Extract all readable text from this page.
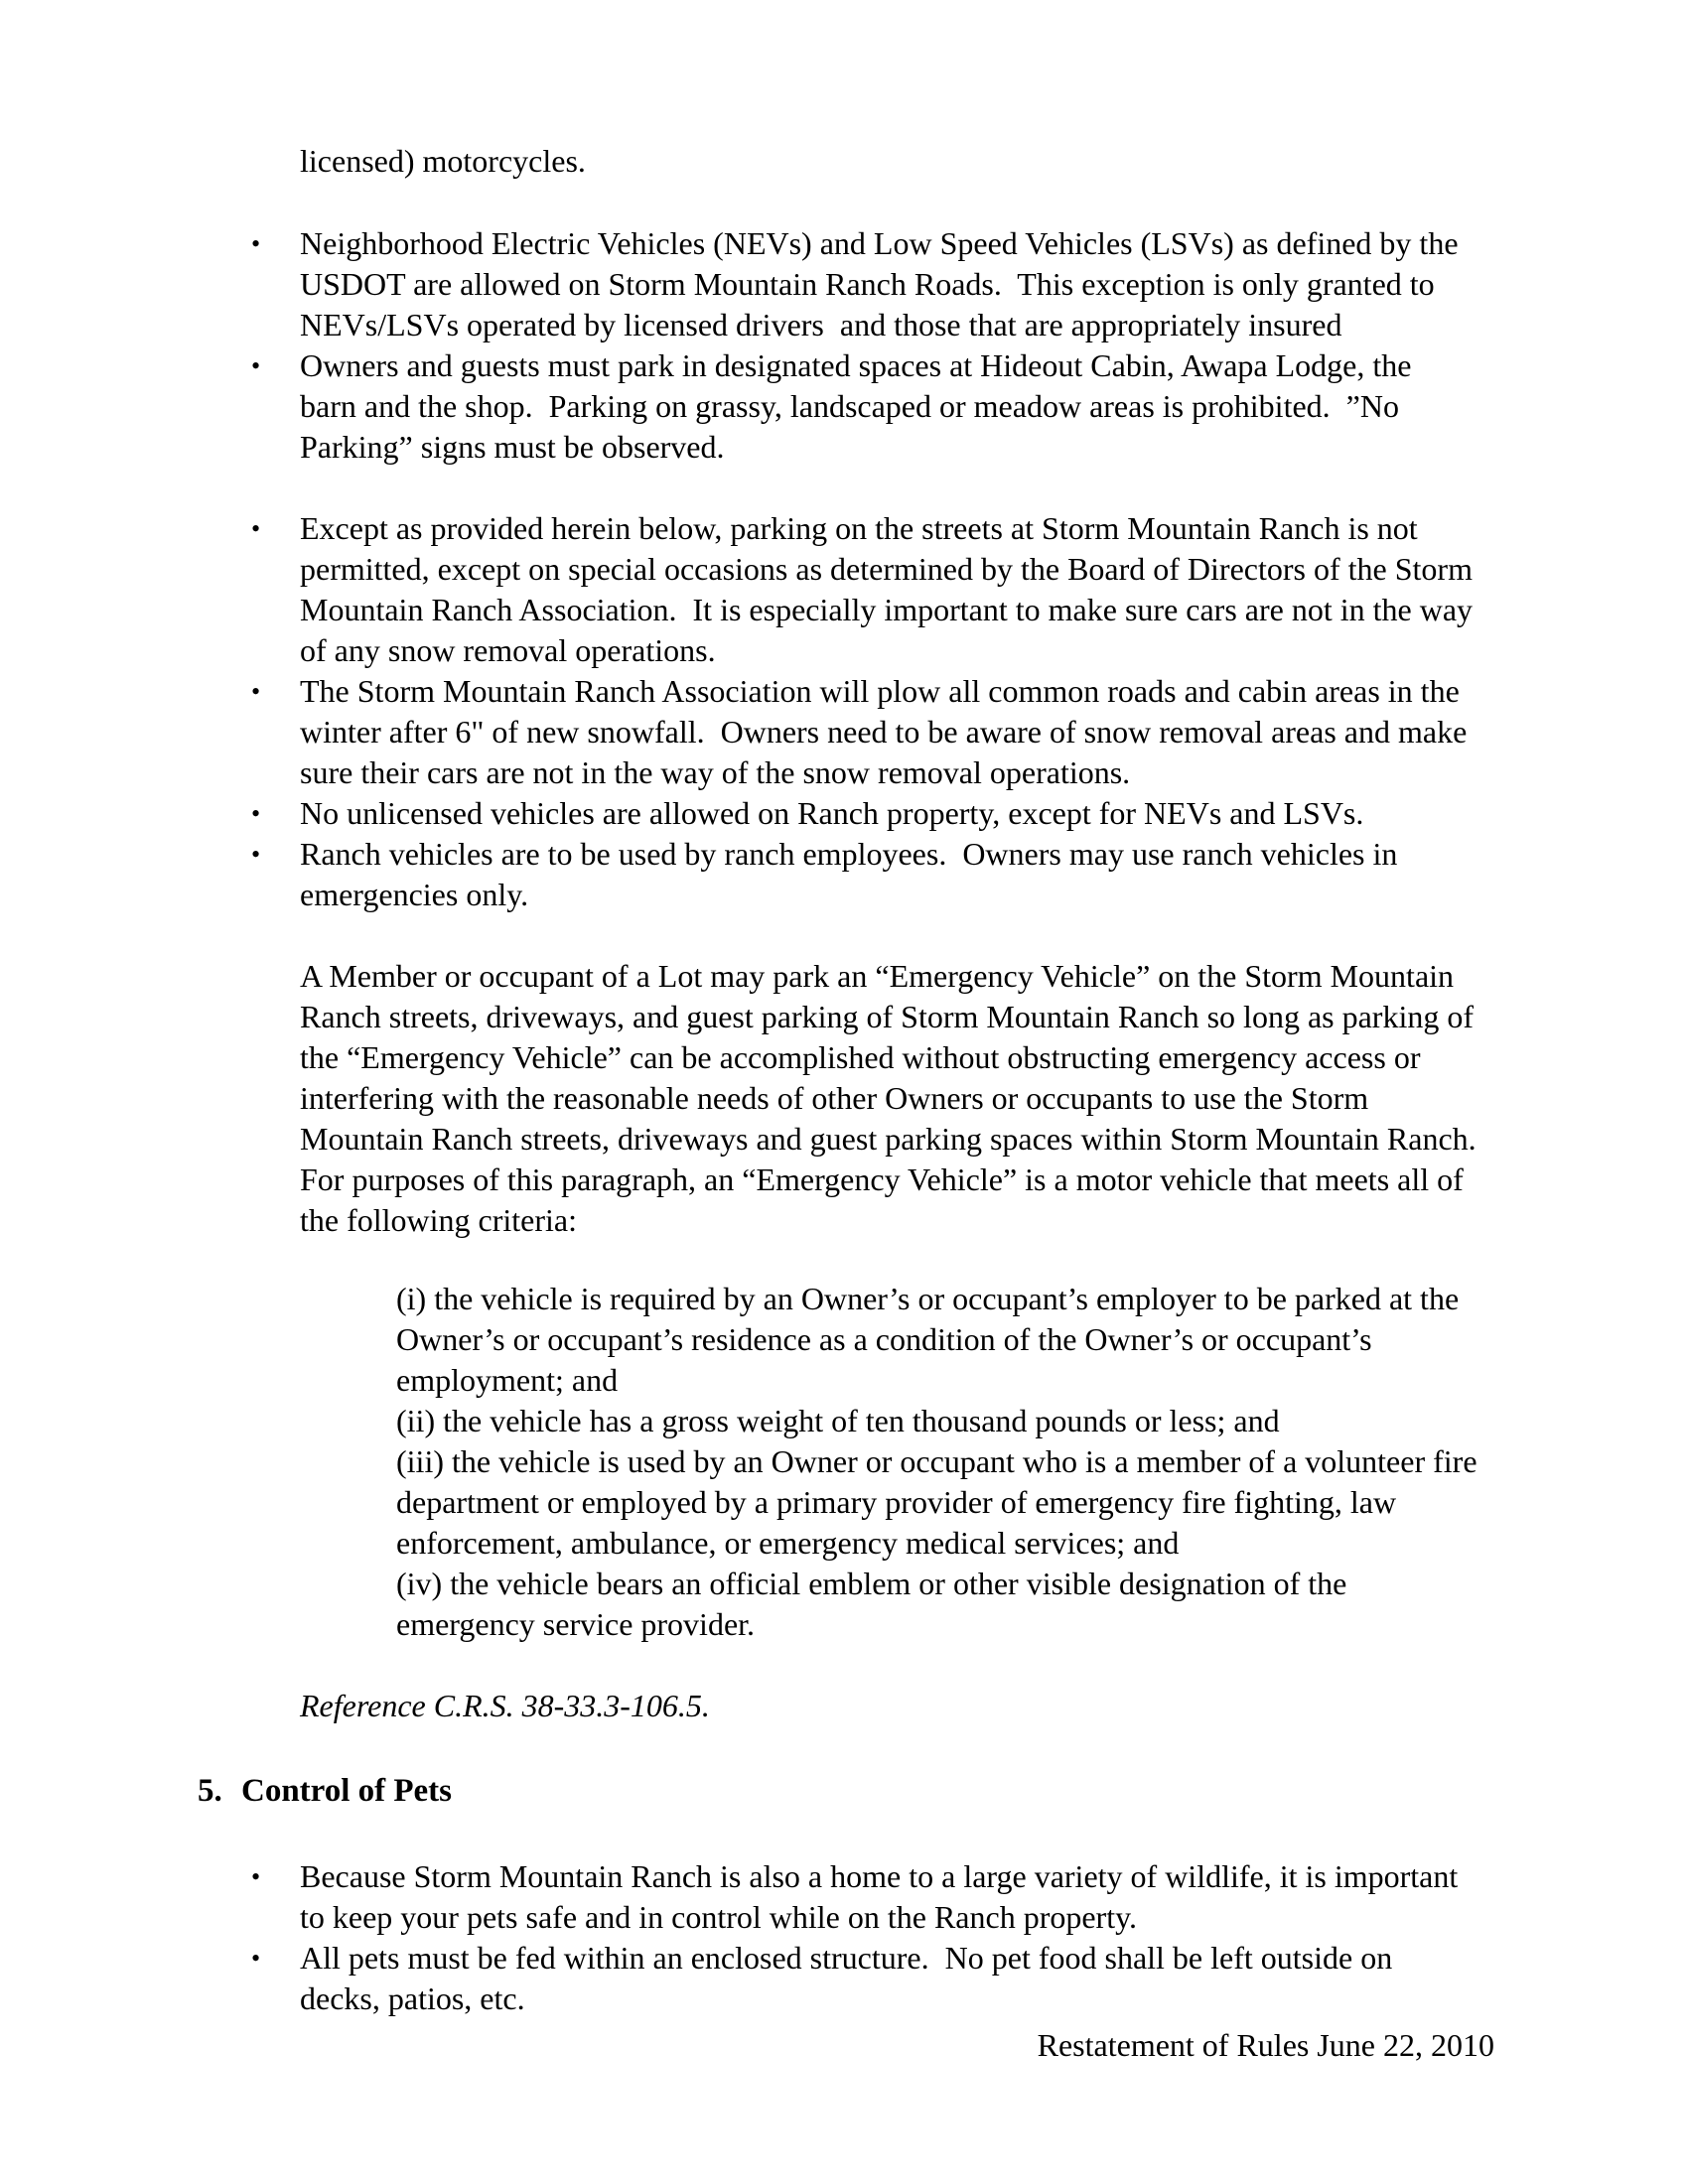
licensed) motorcycles.

•	Neighborhood Electric Vehicles (NEVs) and Low Speed Vehicles (LSVs) as defined by the USDOT are allowed on Storm Mountain Ranch Roads.  This exception is only granted to NEVs/LSVs operated by licensed drivers  and those that are appropriately insured
•	Owners and guests must park in designated spaces at Hideout Cabin, Awapa Lodge, the barn and the shop.  Parking on grassy, landscaped or meadow areas is prohibited.  ”No Parking” signs must be observed.
•	Except as provided herein below, parking on the streets at Storm Mountain Ranch is not permitted, except on special occasions as determined by the Board of Directors of the Storm Mountain Ranch Association.  It is especially important to make sure cars are not in the way of any snow removal operations.
•	The Storm Mountain Ranch Association will plow all common roads and cabin areas in the winter after 6" of new snowfall.  Owners need to be aware of snow removal areas and make sure their cars are not in the way of the snow removal operations.
•	No unlicensed vehicles are allowed on Ranch property, except for NEVs and LSVs.
•	Ranch vehicles are to be used by ranch employees.  Owners may use ranch vehicles in emergencies only.

A Member or occupant of a Lot may park an “Emergency Vehicle” on the Storm Mountain Ranch streets, driveways, and guest parking of Storm Mountain Ranch so long as parking of the “Emergency Vehicle” can be accomplished without obstructing emergency access or interfering with the reasonable needs of other Owners or occupants to use the Storm Mountain Ranch streets, driveways and guest parking spaces within Storm Mountain Ranch.  For purposes of this paragraph, an “Emergency Vehicle” is a motor vehicle that meets all of the following criteria:

(i) the vehicle is required by an Owner’s or occupant’s employer to be parked at the Owner’s or occupant’s residence as a condition of the Owner’s or occupant’s employment; and

(ii) the vehicle has a gross weight of ten thousand pounds or less; and

(iii) the vehicle is used by an Owner or occupant who is a member of a volunteer fire department or employed by a primary provider of emergency fire fighting, law enforcement, ambulance, or emergency medical services; and

(iv) the vehicle bears an official emblem or other visible designation of the emergency service provider.

Reference C.R.S. 38-33.3-106.5.

5. Control of Pets
•	Because Storm Mountain Ranch is also a home to a large variety of wildlife, it is important to keep your pets safe and in control while on the Ranch property.
•	All pets must be fed within an enclosed structure.  No pet food shall be left outside on decks, patios, etc.

Restatement of Rules June 22, 2010
